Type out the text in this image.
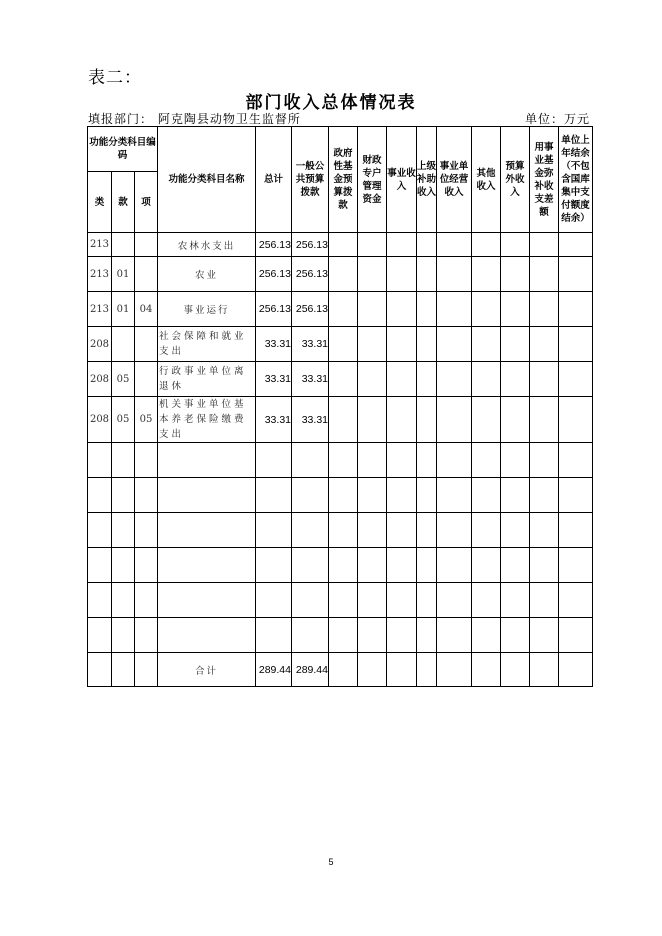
表二：
部门收入总体情况表
填报部门： 阿克陶县动物卫生监督所	单位：万元
功能分类科目编码			功能分类科目名称	总计	一般公共预算拨款	政府性基金预算拨款	财政专户管理资金	事业收入	上级补助收入	事业单位经营收入	其他收入	预算外收入	用事业基金弥补收支差额	单位上年结余（不包含国库集中支付额度结余）
类	款	项												
213			农林水支出	256.13	256.13									
213	01		农业	256.13	256.13									
213	01	04	事业运行	256.13	256.13									
208			社会保障和就业支出	33.31	33.31									
208	05		行政事业单位离退休	33.31	33.31									
208	05	05	机关事业单位基本养老保险缴费支出	33.31	33.31									

			合计	289.44	289.44									
5
